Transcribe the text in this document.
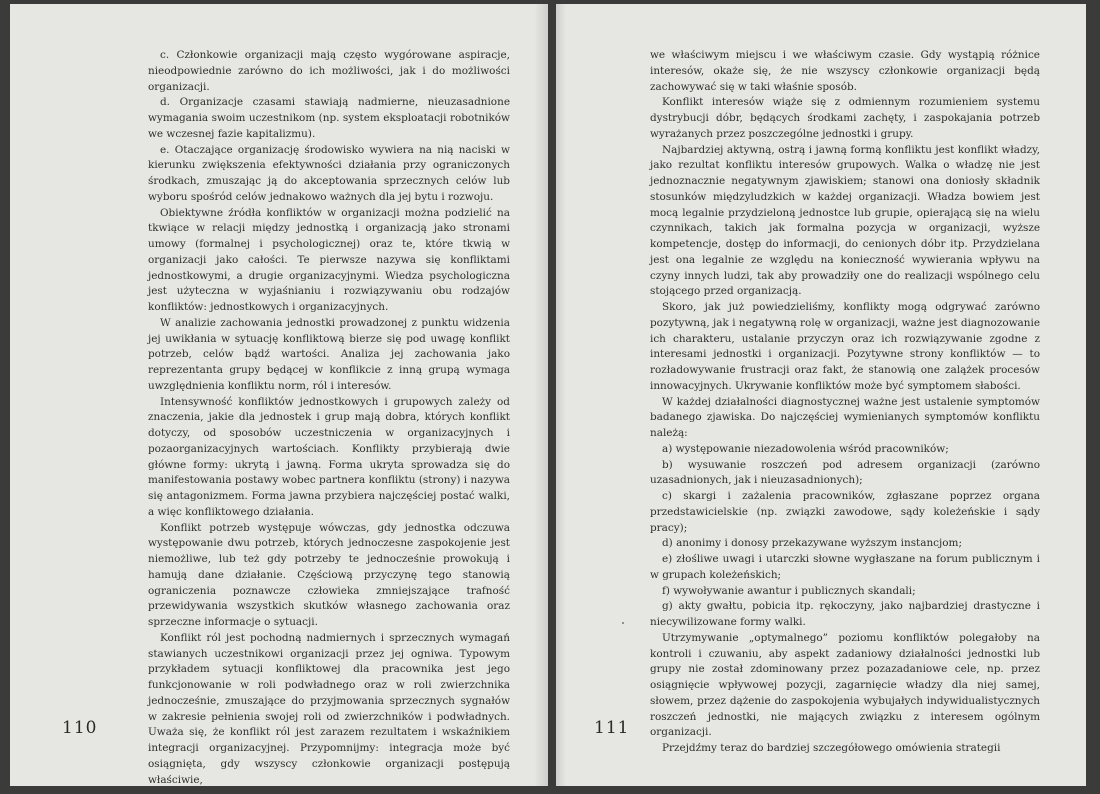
c. Członkowie organizacji mają często wygórowane aspiracje, nieodpowiednie zarówno do ich możliwości, jak i do możliwości organizacji.

d. Organizacje czasami stawiają nadmierne, nieuzasadnione wymagania swoim uczestnikom (np. system eksploatacji robotników we wczesnej fazie kapitalizmu).

e. Otaczające organizację środowisko wywiera na nią naciski w kierunku zwiększenia efektywności działania przy ograniczonych środkach, zmuszając ją do akceptowania sprzecznych celów lub wyboru spośród celów jednakowo ważnych dla jej bytu i rozwoju.

Obiektywne źródła konfliktów w organizacji można podzielić na tkwiące w relacji między jednostką i organizacją jako stronami umowy (formalnej i psychologicznej) oraz te, które tkwią w organizacji jako całości. Te pierwsze nazywa się konfliktami jednostkowymi, a drugie organizacyjnymi. Wiedza psychologiczna jest użyteczna w wyjaśnianiu i rozwiązywaniu obu rodzajów konfliktów: jednostkowych i organizacyjnych.

W analizie zachowania jednostki prowadzonej z punktu widzenia jej uwikłania w sytuację konfliktową bierze się pod uwagę konflikt potrzeb, celów bądź wartości. Analiza jej zachowania jako reprezentanta grupy będącej w konflikcie z inną grupą wymaga uwzględnienia konfliktu norm, ról i interesów.

Intensywność konfliktów jednostkowych i grupowych zależy od znaczenia, jakie dla jednostek i grup mają dobra, których konflikt dotyczy, od sposobów uczestniczenia w organizacyjnych i pozaorganizacyjnych wartościach. Konflikty przybierają dwie główne formy: ukrytą i jawną. Forma ukryta sprowadza się do manifestowania postawy wobec partnera konfliktu (strony) i nazywa się antagonizmem. Forma jawna przybiera najczęściej postać walki, a więc konfliktowego działania.

Konflikt potrzeb występuje wówczas, gdy jednostka odczuwa występowanie dwu potrzeb, których jednoczesne zaspokojenie jest niemożliwe, lub też gdy potrzeby te jednocześnie prowokują i hamują dane działanie. Częściową przyczynę tego stanowią ograniczenia poznawcze człowieka zmniejszające trafność przewidywania wszystkich skutków własnego zachowania oraz sprzeczne informacje o sytuacji.

Konflikt ról jest pochodną nadmiernych i sprzecznych wymagań stawianych uczestnikowi organizacji przez jej ogniwa. Typowym przykładem sytuacji konfliktowej dla pracownika jest jego funkcjonowanie w roli podwładnego oraz w roli zwierzchnika jednocześnie, zmuszające do przyjmowania sprzecznych sygnałów w zakresie pełnienia swojej roli od zwierzchników i podwładnych. Uważa się, że konflikt ról jest zarazem rezultatem i wskaźnikiem integracji organizacyjnej. Przypomnijmy: integracja może być osiągnięta, gdy wszyscy członkowie organizacji postępują właściwie,

110

we właściwym miejscu i we właściwym czasie. Gdy wystąpią różnice interesów, okaże się, że nie wszyscy członkowie organizacji będą zachowywać się w taki właśnie sposób.

Konflikt interesów wiąże się z odmiennym rozumieniem systemu dystrybucji dóbr, będących środkami zachęty, i zaspokajania potrzeb wyrażanych przez poszczególne jednostki i grupy.

Najbardziej aktywną, ostrą i jawną formą konfliktu jest konflikt władzy, jako rezultat konfliktu interesów grupowych. Walka o władzę nie jest jednoznacznie negatywnym zjawiskiem; stanowi ona doniosły składnik stosunków międzyludzkich w każdej organizacji. Władza bowiem jest mocą legalnie przydzieloną jednostce lub grupie, opierającą się na wielu czynnikach, takich jak formalna pozycja w organizacji, wyższe kompetencje, dostęp do informacji, do cenionych dóbr itp. Przydzielana jest ona legalnie ze względu na konieczność wywierania wpływu na czyny innych ludzi, tak aby prowadziły one do realizacji wspólnego celu stojącego przed organizacją.

Skoro, jak już powiedzieliśmy, konflikty mogą odgrywać zarówno pozytywną, jak i negatywną rolę w organizacji, ważne jest diagnozowanie ich charakteru, ustalanie przyczyn oraz ich rozwiązywanie zgodne z interesami jednostki i organizacji. Pozytywne strony konfliktów — to rozładowywanie frustracji oraz fakt, że stanowią one zalążek procesów innowacyjnych. Ukrywanie konfliktów może być symptomem słabości.

W każdej działalności diagnostycznej ważne jest ustalenie symptomów badanego zjawiska. Do najczęściej wymienianych symptomów konfliktu należą:

a) występowanie niezadowolenia wśród pracowników;

b) wysuwanie roszczeń pod adresem organizacji (zarówno uzasadnionych, jak i nieuzasadnionych);

c) skargi i zażalenia pracowników, zgłaszane poprzez organa przedstawicielskie (np. związki zawodowe, sądy koleżeńskie i sądy pracy);

d) anonimy i donosy przekazywane wyższym instancjom;

e) złośliwe uwagi i utarczki słowne wygłaszane na forum publicznym i w grupach koleżeńskich;

f) wywoływanie awantur i publicznych skandali;

g) akty gwałtu, pobicia itp. rękoczyny, jako najbardziej drastyczne i niecywilizowane formy walki.

Utrzymywanie „optymalnego” poziomu konfliktów polegałoby na kontroli i czuwaniu, aby aspekt zadaniowy działalności jednostki lub grupy nie został zdominowany przez pozazadaniowe cele, np. przez osiągnięcie wpływowej pozycji, zagarnięcie władzy dla niej samej, słowem, przez dążenie do zaspokojenia wybujałych indywidualistycznych roszczeń jednostki, nie mających związku z interesem ogólnym organizacji.

Przejdźmy teraz do bardziej szczegółowego omówienia strategii

111
